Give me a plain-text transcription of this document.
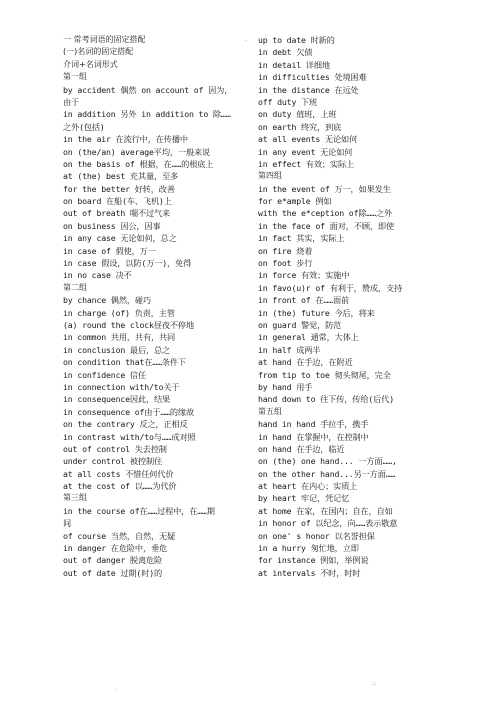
.
一 常考词语的固定搭配
(一)名词的固定搭配
介词+名词形式
第一组
by accident 偶然 on account of 因为，
由于
in addition 另外 in addition to 除……
之外(包括)
in the air 在流行中，在传播中
on (the/an) average平均，一般来说
on the basis of 根据，在……的根底上
at (the) best 充其量，至多
for the better 好转，改善
on board 在船(车、飞机)上
out of breath 喘不过气来
on business 因公，因事
in any case 无论如何，总之
in case of 假使，万一
in case 假设，以防(万一)，免得
in no case 决不
第二组
by chance 偶然，碰巧
in charge (of) 负责，主管
(a) round the clock昼夜不停地
in common 共用，共有，共同
in conclusion 最后，总之
on condition that在……条件下
in confidence 信任
in connection with/to关于
in consequence因此，结果
in consequence of由于……的缘故
on the contrary 反之，正相反
in contrast with/to与……成对照
out of control 失去控制
under control 被控制住
at all costs 不惜任何代价
at the cost of 以……为代价
第三组
in the course of在……过程中，在……期
间
of course 当然，自然，无疑
in danger 在危险中，垂危
out of danger 脱离危险
out of date 过期(时)的
up to date 时新的
in debt 欠债
in detail 详细地
in difficulties 处境困难
in the distance 在远处
off duty 下班
on duty 值班，上班
on earth 终究，到底
at all events 无论如何
in any event 无论如何
in effect 有效；实际上
第四组
in the event of 万一，如果发生
for e*ample 例如
with the e*ception of除……之外
in the face of 面对，不顾，即使
in fact 其实，实际上
on fire 烧着
on foot 步行
in force 有效；实施中
in favo(u)r of 有利于，赞成，支持
in front of 在……面前
in (the) future 今后，将来
on guard 警觉，防范
in general 通常，大体上
in half 成两半
at hand 在手边，在附近
from tip to toe 彻头彻尾，完全
by hand 用手
hand down to 往下传，传给(后代)
第五组
hand in hand 手拉手，携手
in hand 在掌握中，在控制中
on hand 在手边，临近
on (the) one hand... 一方面……,
on the other hand...另一方面……
at heart 在内心；实质上
by heart 牢记，凭记忆
at home 在家，在国内；自在，自如
in honor of 以纪念，向……表示敬意
on one' s honor 以名誉担保
in a hurry 匆忙地，立即
for instance 例如，举例说
at intervals 不时，时时
.
.:
